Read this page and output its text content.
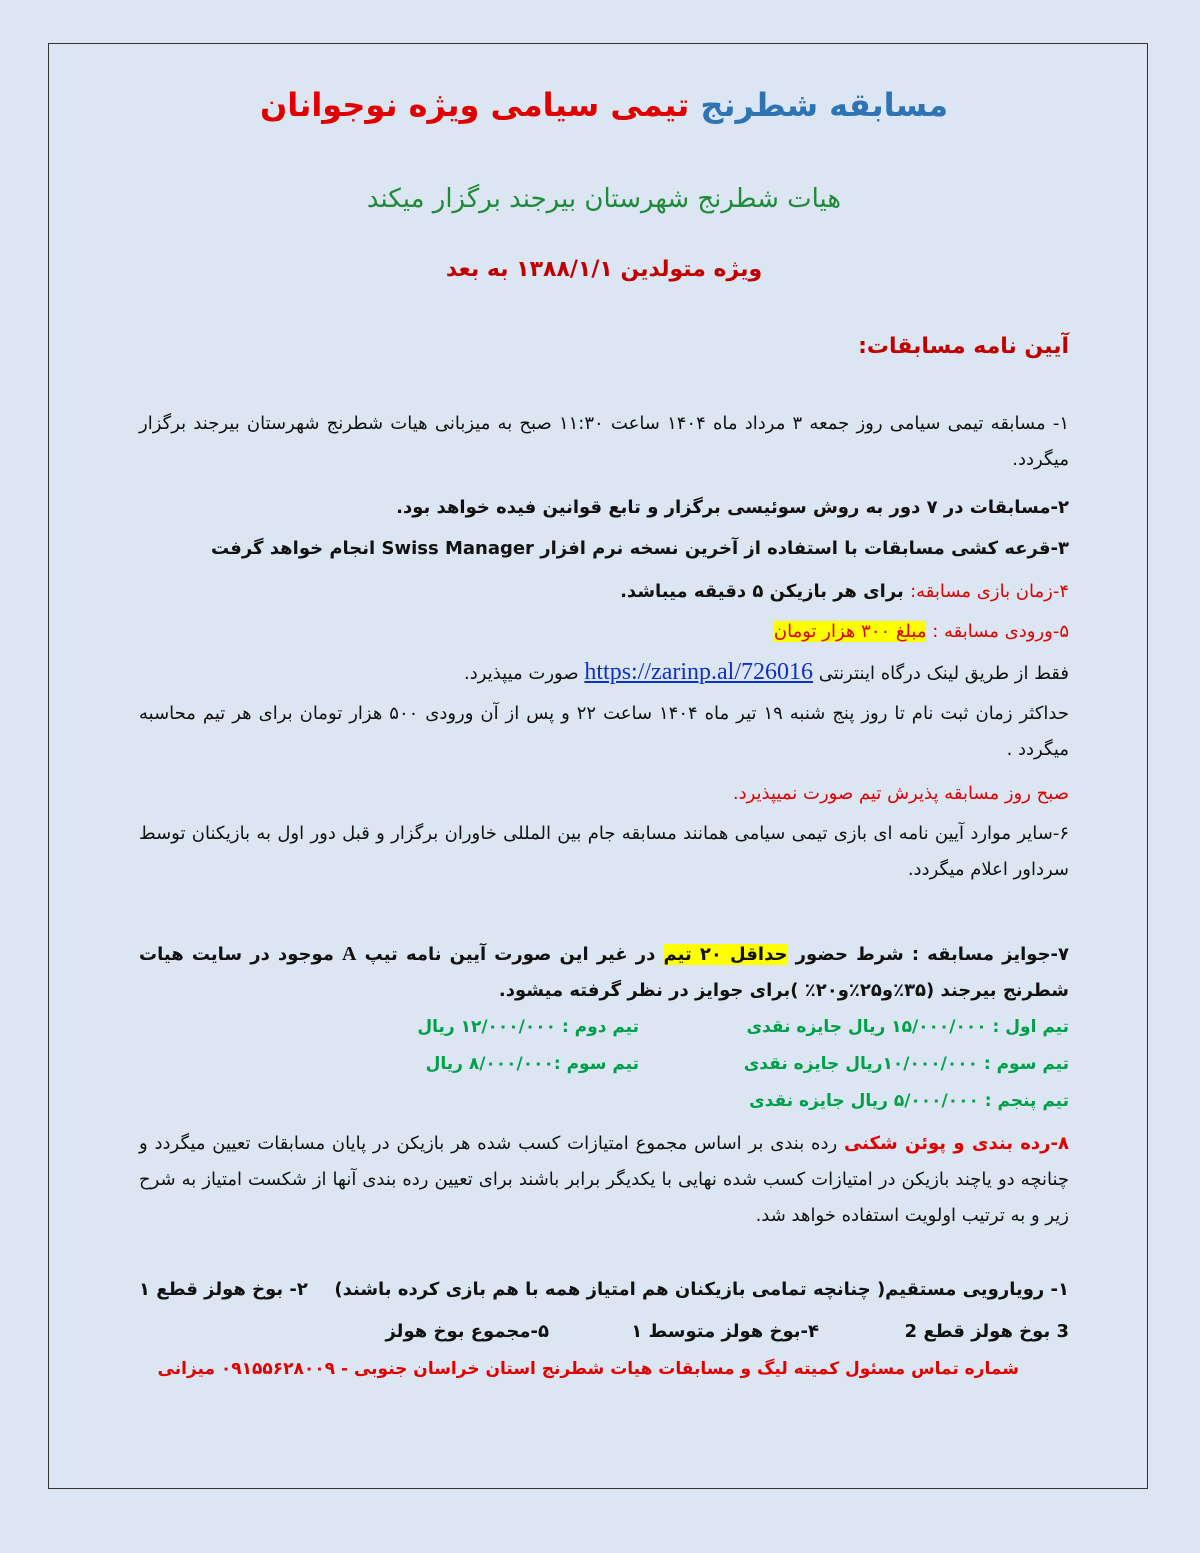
مسابقه شطرنج تیمی سیامی ویژه نوجوانان
هیات شطرنج شهرستان بیرجند برگزار میکند
ویژه متولدین ۱۳۸۸/۱/۱ به بعد
آیین نامه مسابقات:

۱- مسابقه تیمی سیامی روز جمعه ۳ مرداد ماه ۱۴۰۴ ساعت ۱۱:۳۰ صبح به میزبانی هیات شطرنج شهرستان بیرجند برگزار میگردد.

۲-مسابقات در ۷ دور به روش سوئیسی برگزار و تابع قوانین فیده خواهد بود.

۳-قرعه کشی مسابقات با استفاده از آخرین نسخه نرم افزار Swiss Manager انجام خواهد گرفت

۴-زمان بازی مسابقه: برای هر بازیکن ۵ دقیقه میباشد.

۵-ورودی مسابقه : مبلغ ۳۰۰ هزار تومان

فقط از طریق لینک درگاه اینترنتی https://zarinp.al/726016 صورت میپذیرد.

حداکثر زمان ثبت نام تا روز پنج شنبه ۱۹ تیر ماه ۱۴۰۴ ساعت ۲۲ و پس از آن ورودی ۵۰۰ هزار تومان برای هر تیم محاسبه میگردد .

صبح روز مسابقه پذیرش تیم صورت نمیپذیرد.

۶-سایر موارد آیین نامه ای بازی تیمی سیامی همانند مسابقه جام بین المللی خاوران برگزار و قبل دور اول به بازیکنان توسط سرداور اعلام میگردد.

۷-جوایز مسابقه : شرط حضور حداقل ۲۰ تیم در غیر این صورت آیین نامه تیپ A موجود در سایت هیات شطرنج بیرجند (۳۵٪و۲۵٪و۲۰٪ )برای جوایز در نظر گرفته میشود.

تیم اول : ۱۵/۰۰۰/۰۰۰ ریال جایزه نقدی
تیم دوم : ۱۲/۰۰۰/۰۰۰ ریال
تیم سوم : ۱۰/۰۰۰/۰۰۰ریال جایزه نقدی
تیم سوم :۸/۰۰۰/۰۰۰ ریال
تیم پنجم : ۵/۰۰۰/۰۰۰ ریال جایزه نقدی

۸-رده بندی و پوئن شکنی رده بندی بر اساس مجموع امتیازات کسب شده هر بازیکن در پایان مسابقات تعیین میگردد و چنانچه دو یاچند بازیکن در امتیازات کسب شده نهایی با یکدیگر برابر باشند برای تعیین رده بندی آنها از شکست امتیاز به شرح زیر و به ترتیب اولویت استفاده خواهد شد.

۱- رویارویی مستقیم( چنانچه تمامی بازیکنان هم امتیاز همه با هم بازی کرده باشند)
۲- بوخ هولز قطع ۱
3 بوخ هولز قطع 2
۴-بوخ هولز متوسط ۱
۵-مجموع بوخ هولز
شماره تماس مسئول کمیته لیگ و مسابقات هیات شطرنج استان خراسان جنوبی - ۰۹۱۵۵۶۲۸۰۰۹ میزانی
